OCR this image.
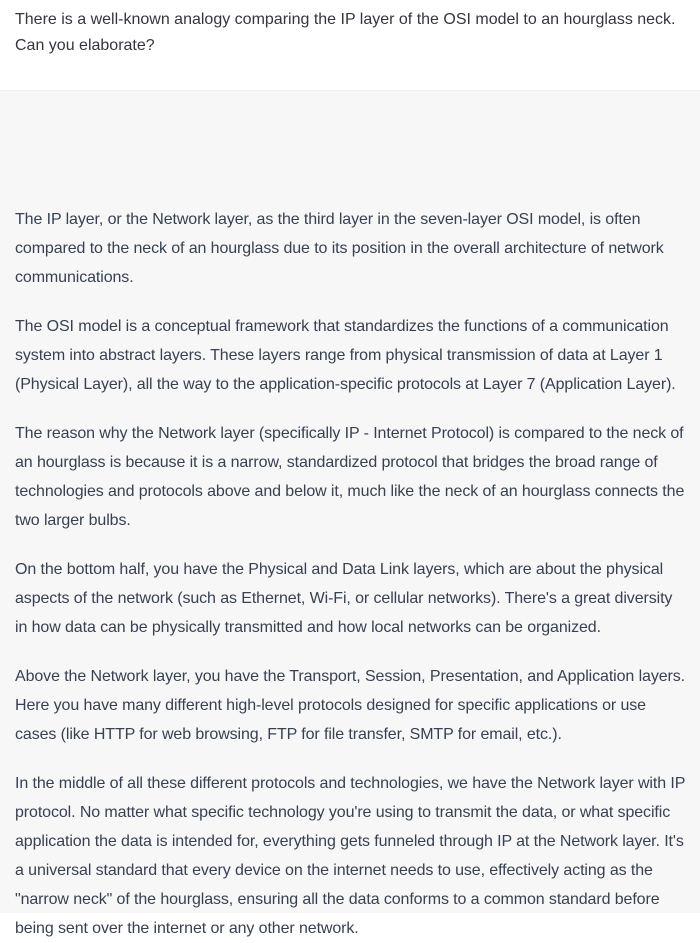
There is a well-known analogy comparing the IP layer of the OSI model to an hourglass neck. Can you elaborate?

The IP layer, or the Network layer, as the third layer in the seven-layer OSI model, is often compared to the neck of an hourglass due to its position in the overall architecture of network communications.

The OSI model is a conceptual framework that standardizes the functions of a communication system into abstract layers. These layers range from physical transmission of data at Layer 1 (Physical Layer), all the way to the application-specific protocols at Layer 7 (Application Layer).

The reason why the Network layer (specifically IP - Internet Protocol) is compared to the neck of an hourglass is because it is a narrow, standardized protocol that bridges the broad range of technologies and protocols above and below it, much like the neck of an hourglass connects the two larger bulbs.

On the bottom half, you have the Physical and Data Link layers, which are about the physical aspects of the network (such as Ethernet, Wi-Fi, or cellular networks). There's a great diversity in how data can be physically transmitted and how local networks can be organized.

Above the Network layer, you have the Transport, Session, Presentation, and Application layers. Here you have many different high-level protocols designed for specific applications or use cases (like HTTP for web browsing, FTP for file transfer, SMTP for email, etc.).

In the middle of all these different protocols and technologies, we have the Network layer with IP protocol. No matter what specific technology you're using to transmit the data, or what specific application the data is intended for, everything gets funneled through IP at the Network layer. It's a universal standard that every device on the internet needs to use, effectively acting as the "narrow neck" of the hourglass, ensuring all the data conforms to a common standard before being sent over the internet or any other network.
